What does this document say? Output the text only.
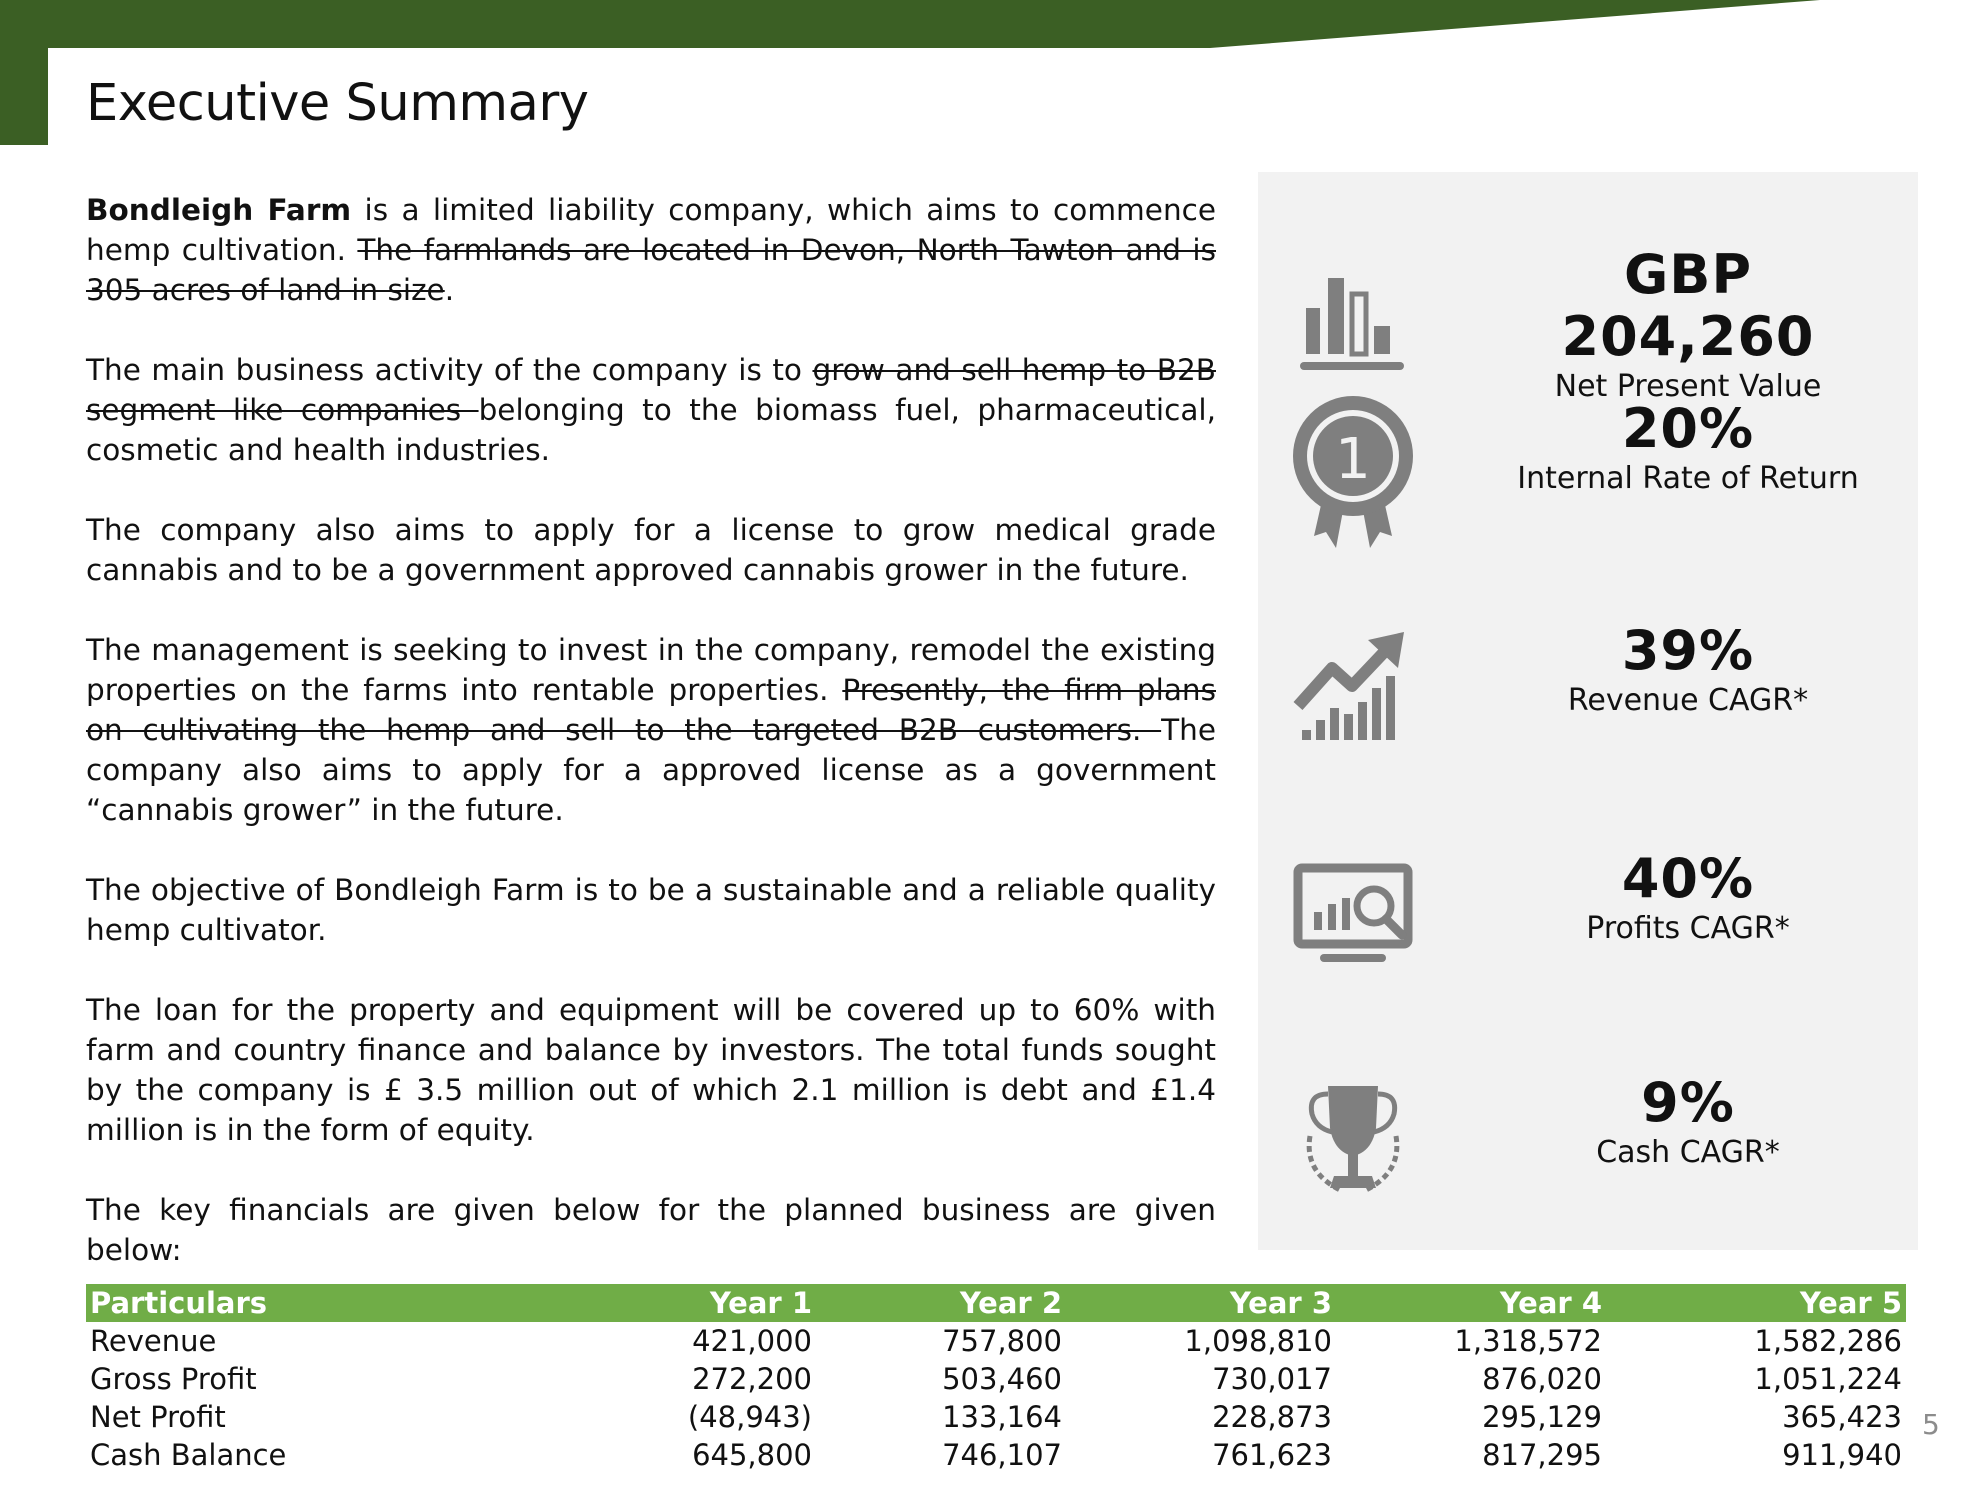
Executive Summary

Bondleigh Farm is a limited liability company, which aims to commence hemp cultivation. The farmlands are located in Devon, North Tawton and is 305 acres of land in size.

The main business activity of the company is to grow and sell hemp to B2B segment like companies belonging to the biomass fuel, pharmaceutical, cosmetic and health industries.

The company also aims to apply for a license to grow medical grade cannabis and to be a government approved cannabis grower in the future.

The management is seeking to invest in the company, remodel the existing properties on the farms into rentable properties. Presently, the firm plans on cultivating the hemp and sell to the targeted B2B customers. The company also aims to apply for a approved license as a government “cannabis grower” in the future.

The objective of Bondleigh Farm is to be a sustainable and a reliable quality hemp cultivator.

The loan for the property and equipment will be covered up to 60% with farm and country finance and balance by investors. The total funds sought by the company is £ 3.5 million out of which 2.1 million is debt and £1.4 million is in the form of equity.

The key financials are given below for the planned business are given below:

GBP 204,260
Net Present Value
1	20%
Internal Rate of Return
39%
Revenue CAGR*
40%
Profits CAGR*
9%
Cash CAGR*
Particulars	Year 1	Year 2	Year 3	Year 4	Year 5
Revenue	421,000	757,800	1,098,810	1,318,572	1,582,286
Gross Profit	272,200	503,460	730,017	876,020	1,051,224
Net Profit	(48,943)	133,164	228,873	295,129	365,423
Cash Balance	645,800	746,107	761,623	817,295	911,940
5
